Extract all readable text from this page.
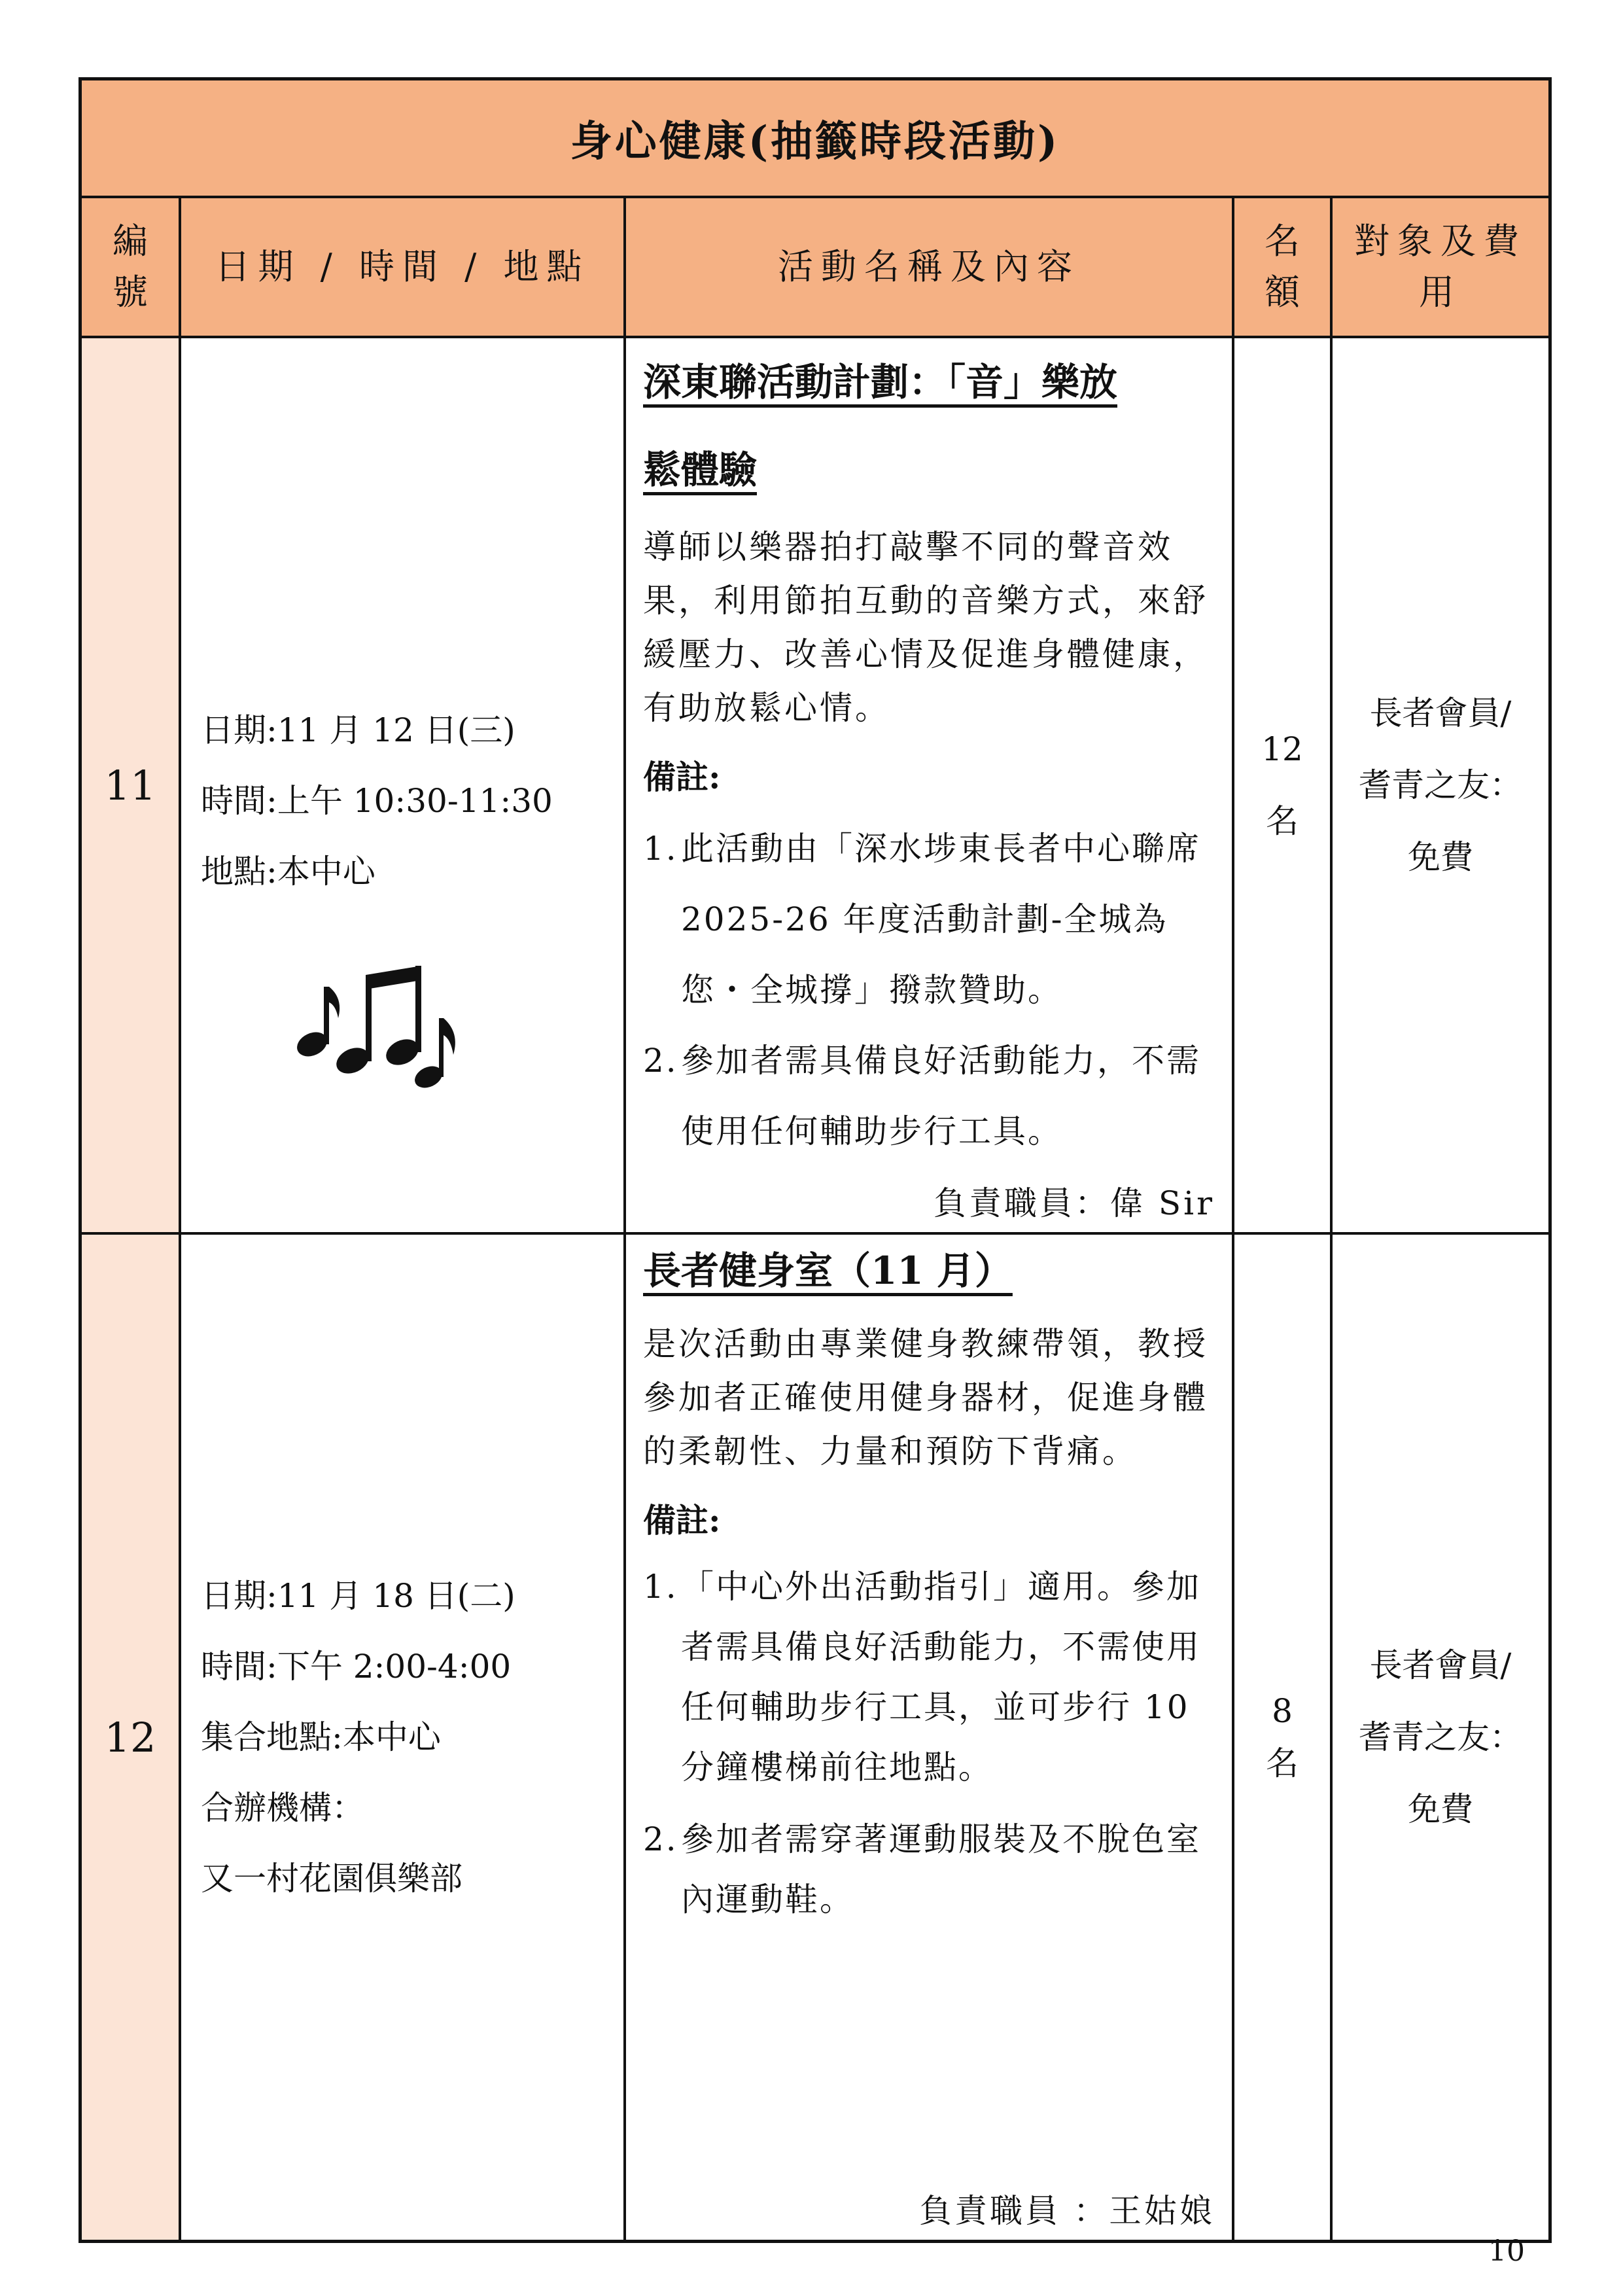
身心健康(抽籤時段活動)
編號
日期 / 時間 / 地點	活動名稱及內容
名額
對象及費用
11
日期:11 月 12 日(三)
時間:上午 10:30-11:30
地點:本中心
深東聯活動計劃：「音」樂放
鬆體驗
導師以樂器拍打敲擊不同的聲音效果，利用節拍互動的音樂方式，來舒緩壓力、改善心情及促進身體健康，有助放鬆心情。
備註:
1. 此活動由「深水埗東長者中心聯席 2025-26 年度活動計劃-全城為您・全城撐」撥款贊助。
2. 參加者需具備良好活動能力，不需使用任何輔助步行工具。
負責職員：偉 Sir
12
名
長者會員/
耆青之友：
免費
12
日期:11 月 18 日(二)
時間:下午 2:00-4:00
集合地點:本中心
合辦機構：
又一村花園俱樂部
長者健身室（11 月）
是次活動由專業健身教練帶領，教授參加者正確使用健身器材，促進身體的柔韌性、力量和預防下背痛。
備註:
1. 「中心外出活動指引」適用。參加者需具備良好活動能力，不需使用任何輔助步行工具，並可步行 10 分鐘樓梯前往地點。
2. 參加者需穿著運動服裝及不脫色室內運動鞋。
負責職員 ：王姑娘
8
名
長者會員/
耆青之友：
免費
10
